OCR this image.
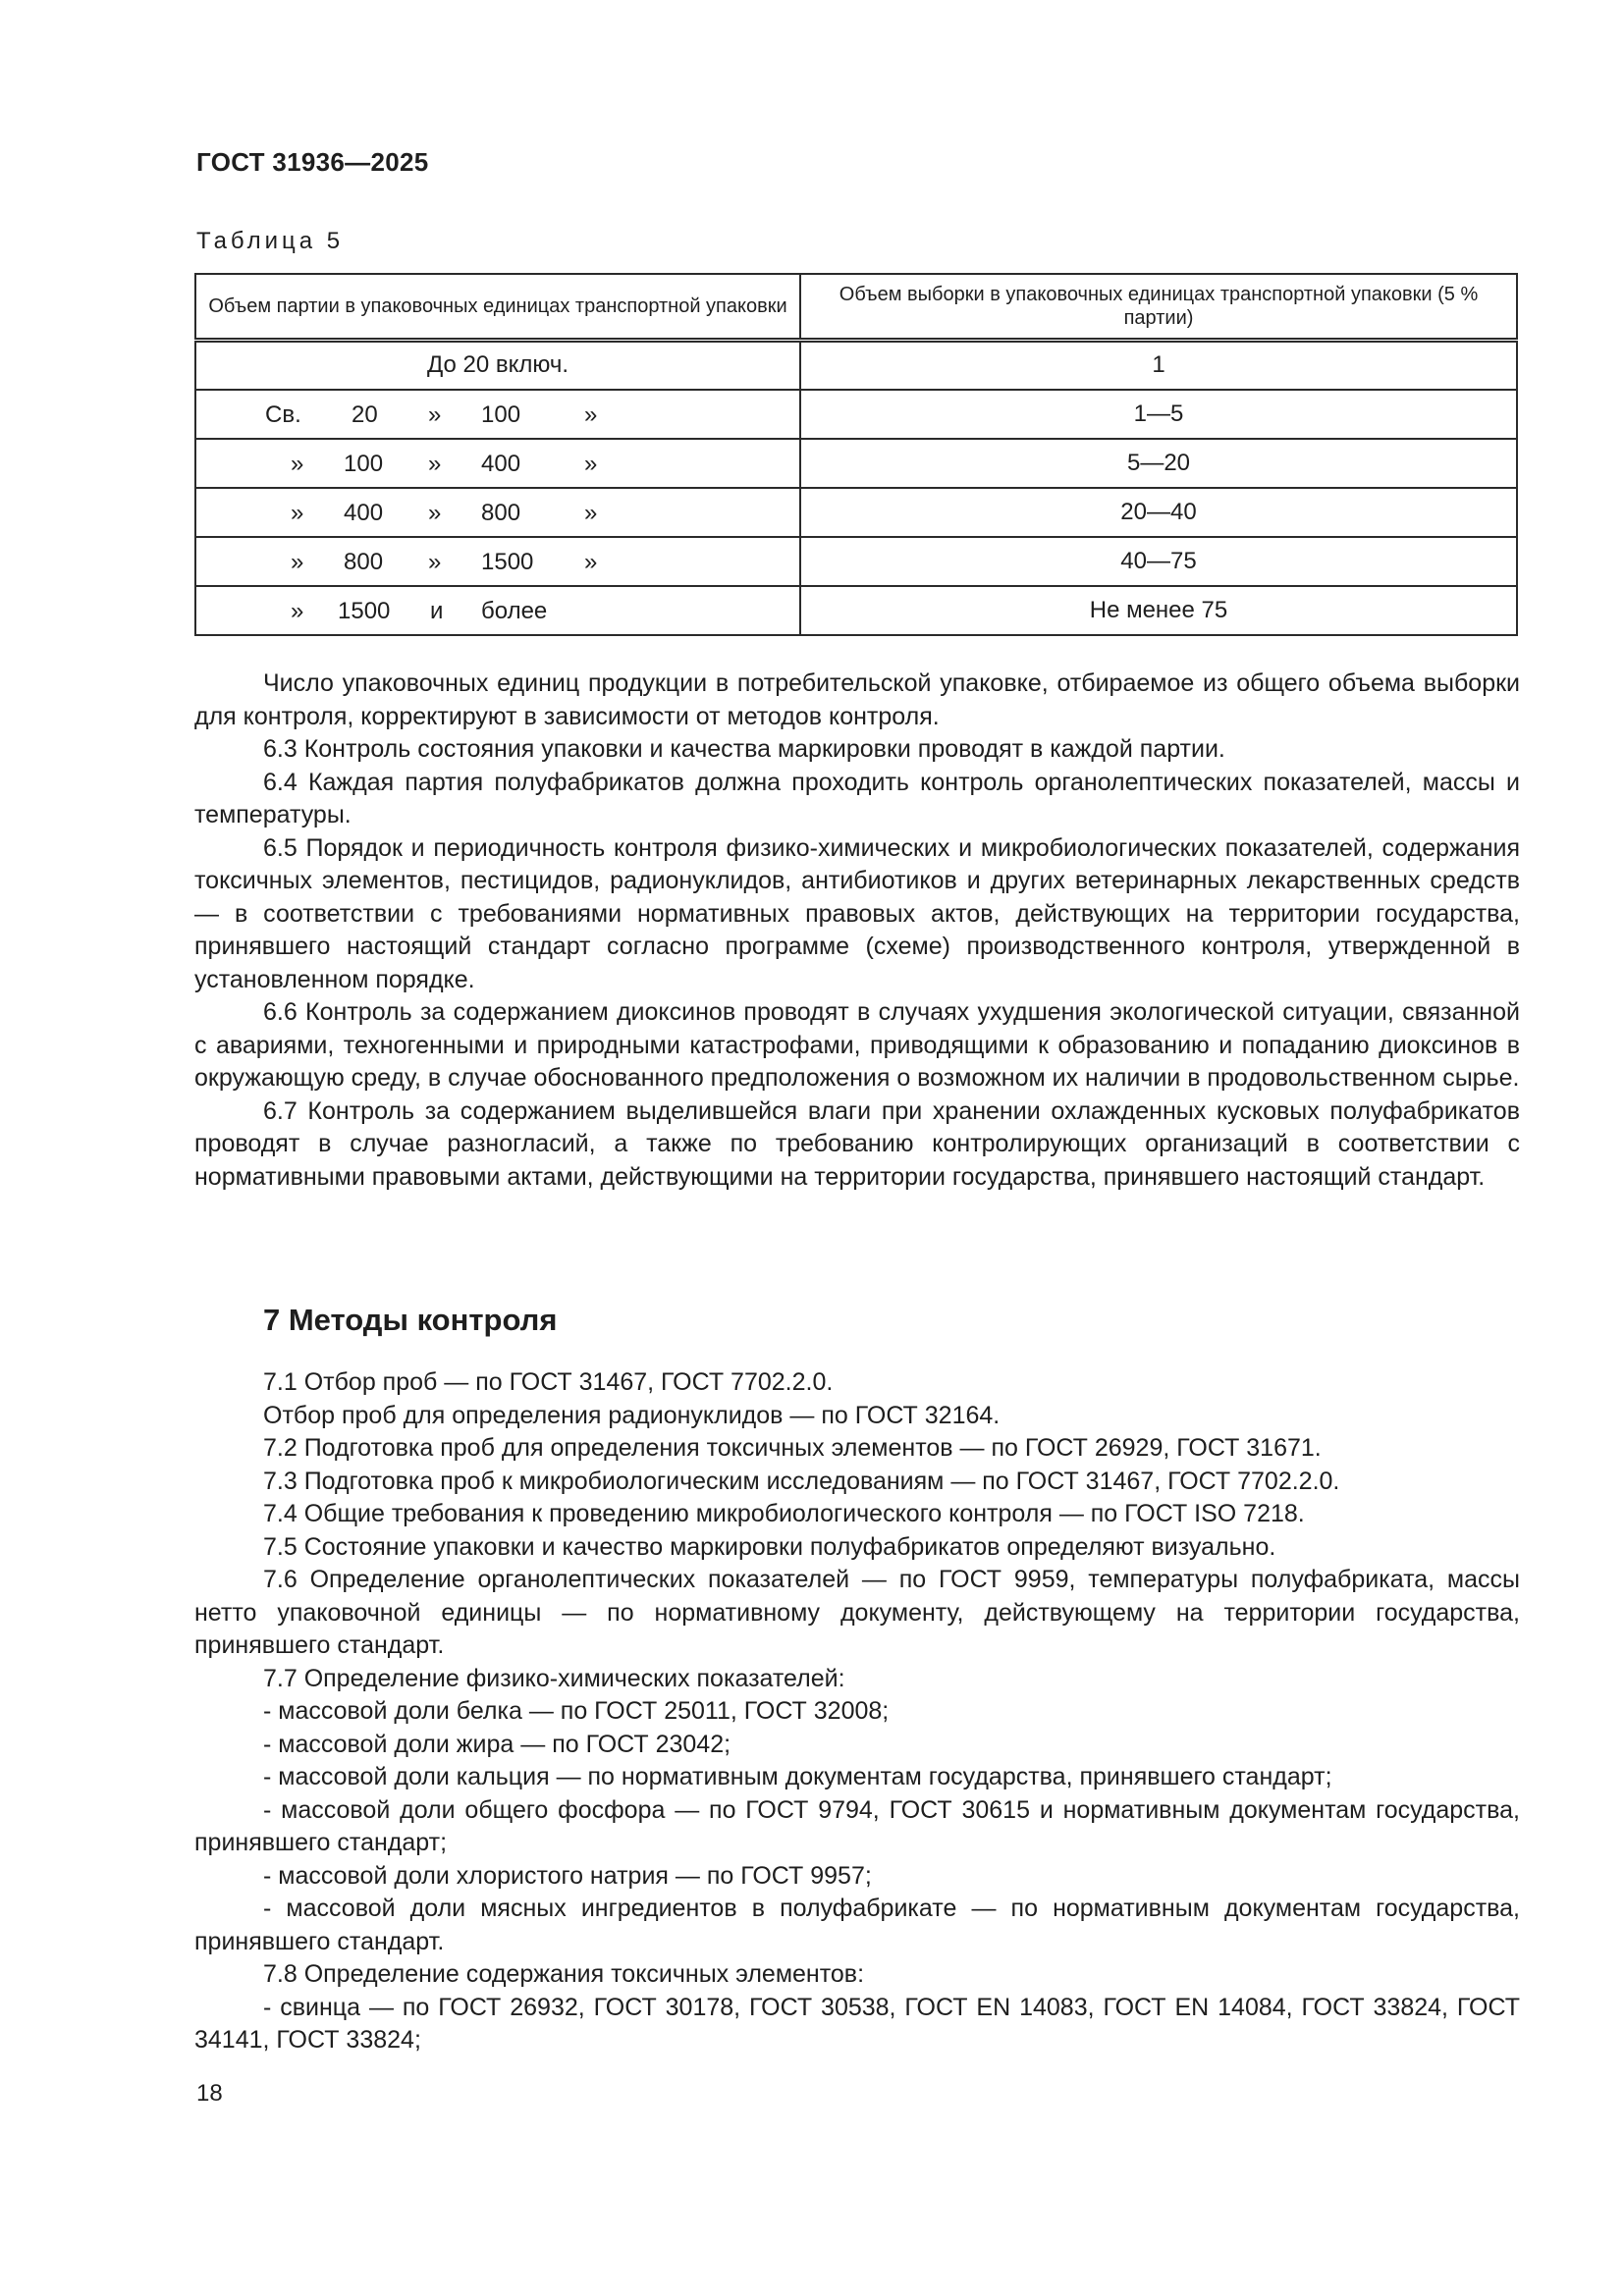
ГОСТ 31936—2025
Таблица 5
Объем партии в упаковочных единицах транспортной упаковки	Объем выборки в упаковочных единицах транспортной упаковки (5 % партии)
До 20 включ.	1

Св. 20 » 100 »	1—5

» 100 » 400 »	5—20

» 400 » 800 »	20—40

» 800 » 1500 »	40—75

» 1500 и более	Не менее 75

Число упаковочных единиц продукции в потребительской упаковке, отбираемое из общего объема выборки для контроля, корректируют в зависимости от методов контроля.

6.3 Контроль состояния упаковки и качества маркировки проводят в каждой партии.

6.4 Каждая партия полуфабрикатов должна проходить контроль органолептических показателей, массы и температуры.

6.5 Порядок и периодичность контроля физико-химических и микробиологических показателей, содержания токсичных элементов, пестицидов, радионуклидов, антибиотиков и других ветеринарных лекарственных средств — в соответствии с требованиями нормативных правовых актов, действующих на территории государства, принявшего настоящий стандарт согласно программе (схеме) производственного контроля, утвержденной в установленном порядке.

6.6 Контроль за содержанием диоксинов проводят в случаях ухудшения экологической ситуации, связанной с авариями, техногенными и природными катастрофами, приводящими к образованию и попаданию диоксинов в окружающую среду, в случае обоснованного предположения о возможном их наличии в продовольственном сырье.

6.7 Контроль за содержанием выделившейся влаги при хранении охлажденных кусковых полуфабрикатов проводят в случае разногласий, а также по требованию контролирующих организаций в соответствии с нормативными правовыми актами, действующими на территории государства, принявшего настоящий стандарт.

7 Методы контроля

7.1 Отбор проб — по ГОСТ 31467, ГОСТ 7702.2.0.

Отбор проб для определения радионуклидов — по ГОСТ 32164.

7.2 Подготовка проб для определения токсичных элементов — по ГОСТ 26929, ГОСТ 31671.

7.3 Подготовка проб к микробиологическим исследованиям — по ГОСТ 31467, ГОСТ 7702.2.0.

7.4 Общие требования к проведению микробиологического контроля — по ГОСТ ISO 7218.

7.5 Состояние упаковки и качество маркировки полуфабрикатов определяют визуально.

7.6 Определение органолептических показателей — по ГОСТ 9959, температуры полуфабриката, массы нетто упаковочной единицы — по нормативному документу, действующему на территории государства, принявшего стандарт.

7.7 Определение физико-химических показателей:

- массовой доли белка — по ГОСТ 25011, ГОСТ 32008;

- массовой доли жира — по ГОСТ 23042;

- массовой доли кальция — по нормативным документам государства, принявшего стандарт;

- массовой доли общего фосфора — по ГОСТ 9794, ГОСТ 30615 и нормативным документам государства, принявшего стандарт;

- массовой доли хлористого натрия — по ГОСТ 9957;

- массовой доли мясных ингредиентов в полуфабрикате — по нормативным документам государства, принявшего стандарт.

7.8 Определение содержания токсичных элементов:

- свинца — по ГОСТ 26932, ГОСТ 30178, ГОСТ 30538, ГОСТ EN 14083, ГОСТ EN 14084, ГОСТ 33824, ГОСТ 34141, ГОСТ 33824;

18
